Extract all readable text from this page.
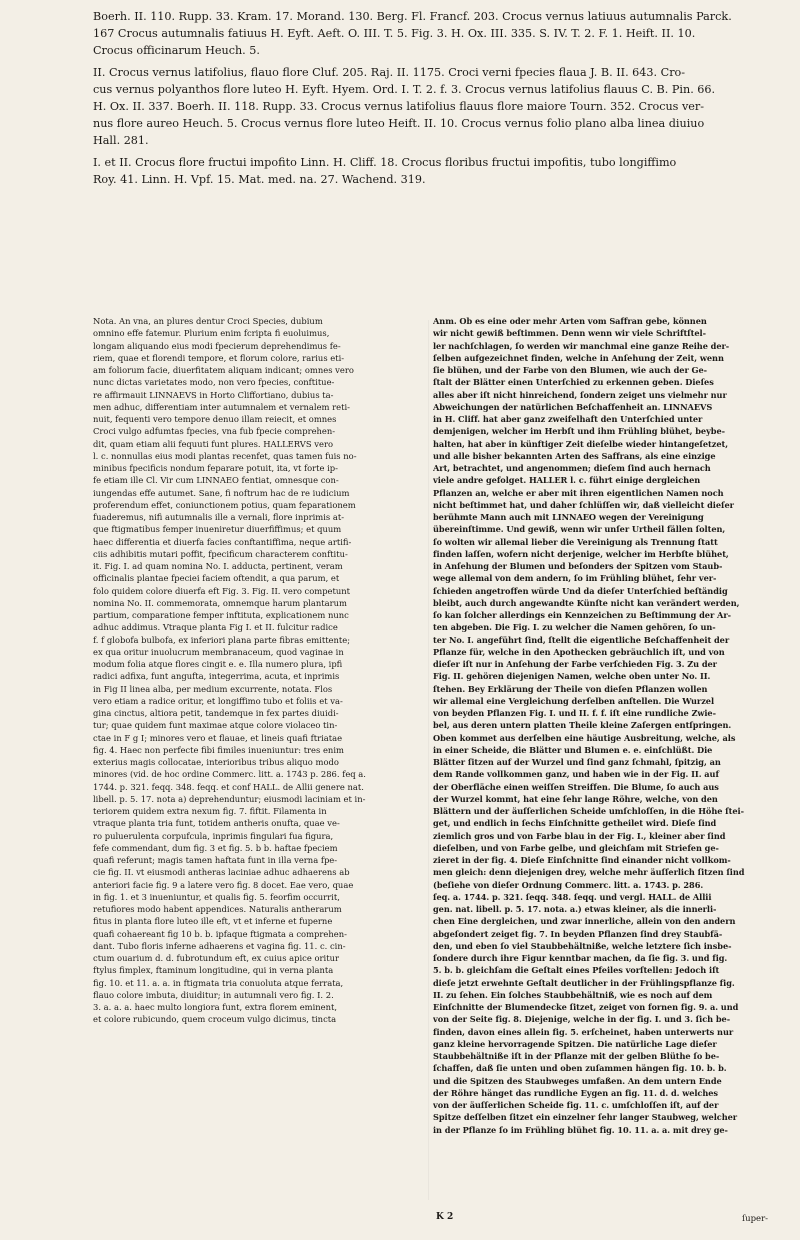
Boerh. II. 110. Rupp. 33. Kram. 17. Morand. 130. Berg. Fl. Francf. 203. Crocus vernus latiuus autumnalis Parck.
167 Crocus autumnalis fatiuus H. Eyft. Aeft. O. III. T. 5. Fig. 3. H. Ox. III. 335. S. IV. T. 2. F. 1. Heift. II. 10.
Crocus officinarum Heuch. 5.
II. Crocus vernus latifolius, flauo flore Cluf. 205. Raj. II. 1175. Croci verni fpecies flaua J. B. II. 643. Cro-
cus vernus polyanthos flore luteo H. Eyft. Hyem. Ord. I. T. 2. f. 3. Crocus vernus latifolius flauus C. B. Pin. 66.
H. Ox. II. 337. Boerh. II. 118. Rupp. 33. Crocus vernus latifolius flauus flore maiore Tourn. 352. Crocus ver-
nus flore aureo Heuch. 5. Crocus vernus flore luteo Heift. II. 10. Crocus vernus folio plano alba linea diuiuo
Hall. 281.
I. et II. Crocus flore fructui impofito Linn. H. Cliff. 18. Crocus floribus fructui impofitis, tubo longiffimo
Roy. 41. Linn. H. Vpf. 15. Mat. med. na. 27. Wachend. 319.
Nota. An vna, an plures dentur Croci Species, dubium
omnino effe fatemur. Plurium enim fcripta fi euoluimus,
longam aliquando eius modi fpecierum deprehendimus fe-
riem, quae et florendi tempore, et florum colore, rarius eti-
am foliorum facie, diuerfitatem aliquam indicant; omnes vero
nunc dictas varietates modo, non vero fpecies, conftitue-
re affirmauit LINNAEVS in Horto Cliffortiano, dubius ta-
men adhuc, differentiam inter autumnalem et vernalem reti-
nuit, fequenti vero tempore denuo illam reiecit, et omnes
Croci vulgo adfumtas fpecies, vna fub fpecie comprehen-
dit, quam etiam alii fequuti funt plures. HALLERVS vero
l. c. nonnullas eius modi plantas recenfet, quas tamen fuis no-
minibus fpecificis nondum feparare potuit, ita, vt forte ip-
fe etiam ille Cl. Vir cum LINNAEO fentiat, omnesque con-
iungendas effe autumet. Sane, fi noftrum hac de re iudicium
proferendum effet, coniunctionem potius, quam feparationem
fuaderemus, nifi autumnalis ille a vernali, flore inprimis at-
que ftigmatibus femper inueniretur diuerfiffimus; et quum
haec differentia et diuerfa facies conftantiffima, neque artifi-
ciis adhibitis mutari poffit, fpecificum characterem conftitu-
it. Fig. I. ad quam nomina No. I. adducta, pertinent, veram
officinalis plantae fpeciei faciem oftendit, a qua parum, et
folo quidem colore diuerfa eft Fig. 3. Fig. II. vero competunt
nomina No. II. commemorata, omnemque harum plantarum
partium, comparatione femper inftituta, explicationem nunc
adhuc addimus. Vtraque planta Fig I. et II. fulcitur radice
f. f globofa bulbofa, ex inferiori plana parte fibras emittente;
ex qua oritur inuolucrum membranaceum, quod vaginae in
modum folia atque flores cingit e. e. Illa numero plura, ipfi
radici adfixa, funt angufta, integerrima, acuta, et inprimis
in Fig II linea alba, per medium excurrente, notata. Flos
vero etiam a radice oritur, et longiffimo tubo et foliis et va-
gina cinctus, altiora petit, tandemque in fex partes diuidi-
tur; quae quidem funt maximae atque colore violaceo tin-
ctae in F g I; minores vero et flauae, et lineis quafi ftriatae
fig. 4. Haec non perfecte fibi fimiles inueniuntur: tres enim
exterius magis collocatae, interioribus tribus aliquo modo
minores (vid. de hoc ordine Commerc. litt. a. 1743 p. 286. feq a.
1744. p. 321. feqq. 348. feqq. et conf HALL. de Allii genere nat.
libell. p. 5. 17. nota a) deprehenduntur; eiusmodi laciniam et in-
teriorem quidem extra nexum fig. 7. fiftit. Filamenta in
vtraque planta tria funt, totidem antheris onufta, quae ve-
ro puluerulenta corpufcula, inprimis fingulari fua figura,
fefe commendant, dum fig. 3 et fig. 5. b b. haftae fpeciem
quafi referunt; magis tamen haftata funt in illa verna fpe-
cie fig. II. vt eiusmodi antheras laciniae adhuc adhaerens ab
anteriori facie fig. 9 a latere vero fig. 8 docet. Eae vero, quae
in fig. 1. et 3 inueniuntur, et qualis fig. 5. feorfim occurrit,
retufiores modo habent appendices. Naturalis antherarum
fitus in planta flore luteo ille eft, vt et inferne et fuperne
quafi cohaereant fig 10 b. b. ipfaque ftigmata a comprehen-
dant. Tubo floris inferne adhaerens et vagina fig. 11. c. cin-
ctum ouarium d. d. fubrotundum eft, ex cuius apice oritur
ftylus fimplex, ftaminum longitudine, qui in verna planta
fig. 10. et 11. a. a. in ftigmata tria conuoluta atque ferrata,
flauo colore imbuta, diuiditur; in autumnali vero fig. I. 2.
3. a. a. a. haec multo longiora funt, extra florem eminent,
et colore rubicundo, quem croceum vulgo dicimus, tincta
Anm. Ob es eine oder mehr Arten vom Saffran gebe, können
wir nicht gewiß beſtimmen. Denn wenn wir viele Schriftſtel-
ler nachſchlagen, ſo werden wir manchmal eine ganze Reihe der-
ſelben aufgezeichnet finden, welche in Anſehung der Zeit, wenn
ſie blühen, und der Farbe von den Blumen, wie auch der Ge-
ſtalt der Blätter einen Unterſchied zu erkennen geben. Dieſes
alles aber iſt nicht hinreichend, ſondern zeiget uns vielmehr nur
Abweichungen der natürlichen Beſchaffenheit an. LINNAEVS
in H. Cliff. hat aber ganz zweifelhaft den Unterſchied unter
demjenigen, welcher im Herbſt und ihm Frühling blühet, beybe-
halten, hat aber in künftiger Zeit dieſelbe wieder hintangeſetzet,
und alle bisher bekannten Arten des Saffrans, als eine einzige
Art, betrachtet, und angenommen; dieſem ſind auch hernach
viele andre gefolget. HALLER l. c. führt einige dergleichen
Pflanzen an, welche er aber mit ihren eigentlichen Namen noch
nicht beſtimmet hat, und daher ſchlüſſen wir, daß vielleicht dieſer
berühmte Mann auch mit LINNAEO wegen der Vereinigung
übereinſtimme. Und gewiß, wenn wir unſer Urtheil fällen ſolten,
ſo wolten wir allemal lieber die Vereinigung als Trennung ſtatt
finden laſſen, wofern nicht derjenige, welcher im Herbſte blühet,
in Anſehung der Blumen und beſonders der Spitzen vom Staub-
wege allemal von dem andern, ſo im Frühling blühet, ſehr ver-
ſchieden angetroffen würde Und da dieſer Unterſchied beſtändig
bleibt, auch durch angewandte Künſte nicht kan verändert werden,
ſo kan ſolcher allerdings ein Kennzeichen zu Beſtimmung der Ar-
ten abgeben. Die Fig. I. zu welcher die Namen gehören, ſo un-
ter No. I. angeführt ſind, ſtellt die eigentliche Beſchaffenheit der
Pflanze für, welche in den Apothecken gebräuchlich iſt, und von
dieſer iſt nur in Anſehung der Farbe verſchieden Fig. 3. Zu der
Fig. II. gehören diejenigen Namen, welche oben unter No. II.
ſtehen. Bey Erklärung der Theile von dieſen Pflanzen wollen
wir allemal eine Vergleichung derſelben anſtellen. Die Wurzel
von beyden Pflanzen Fig. I. und II. f. f. iſt eine rundliche Zwie-
bel, aus deren untern platten Theile kleine Zaſergen entſpringen.
Oben kommet aus derſelben eine häutige Ausbreitung, welche, als
in einer Scheide, die Blätter und Blumen e. e. einſchlüßt. Die
Blätter ſitzen auf der Wurzel und ſind ganz ſchmahl, ſpitzig, an
dem Rande vollkommen ganz, und haben wie in der Fig. II. auf
der Oberfläche einen weiſſen Streiffen. Die Blume, ſo auch aus
der Wurzel kommt, hat eine ſehr lange Röhre, welche, von den
Blättern und der äuſſerlichen Scheide umſchloſſen, in die Höhe ſtei-
get, und endlich in ſechs Einſchnitte getheilet wird. Dieſe ſind
ziemlich gros und von Farbe blau in der Fig. I., kleiner aber ſind
dieſelben, und von Farbe gelbe, und gleichſam mit Striefen ge-
zieret in der fig. 4. Dieſe Einſchnitte ſind einander nicht vollkom-
men gleich: denn diejenigen drey, welche mehr äuſſerlich ſitzen ſind
(beſiehe von dieſer Ordnung Commerc. litt. a. 1743. p. 286.
ſeq. a. 1744. p. 321. ſeqq. 348. ſeqq. und vergl. HALL. de Allii
gen. nat. libell. p. 5. 17. nota. a.) etwas kleiner, als die innerli-
chen Eine dergleichen, und zwar innerliche, allein von den andern
abgeſondert zeiget fig. 7. In beyden Pflanzen ſind drey Staubfä-
den, und eben ſo viel Staubbehältniße, welche letztere ſich insbe-
ſondere durch ihre Figur kenntbar machen, da ſie fig. 3. und fig.
5. b. b. gleichſam die Geſtalt eines Pfeiles vorſtellen: Jedoch iſt
dieſe jetzt erwehnte Geſtalt deutlicher in der Frühlingspflanze fig.
II. zu ſehen. Ein ſolches Staubbehältniß, wie es noch auf dem
Einſchnitte der Blumendecke ſitzet, zeiget von fornen fig. 9. a. und
von der Seite fig. 8. Diejenige, welche in der fig. I. und 3. ſich be-
finden, davon eines allein fig. 5. erſcheinet, haben unterwerts nur
ganz kleine hervorragende Spitzen. Die natürliche Lage dieſer
Staubbehältniße iſt in der Pflanze mit der gelben Blüthe ſo be-
ſchaffen, daß ſie unten und oben zuſammen hängen fig. 10. b. b.
und die Spitzen des Staubweges umfaßen. An dem untern Ende
der Röhre hänget das rundliche Eygen an fig. 11. d. d. welches
von der äuſſerlichen Scheide fig. 11. c. umſchloſſen iſt, auf der
Spitze deſſelben ſitzet ein einzelner ſehr langer Staubweg, welcher
in der Pflanze ſo im Frühling blühet fig. 10. 11. a. a. mit drey ge-
K 2	ſuper-
